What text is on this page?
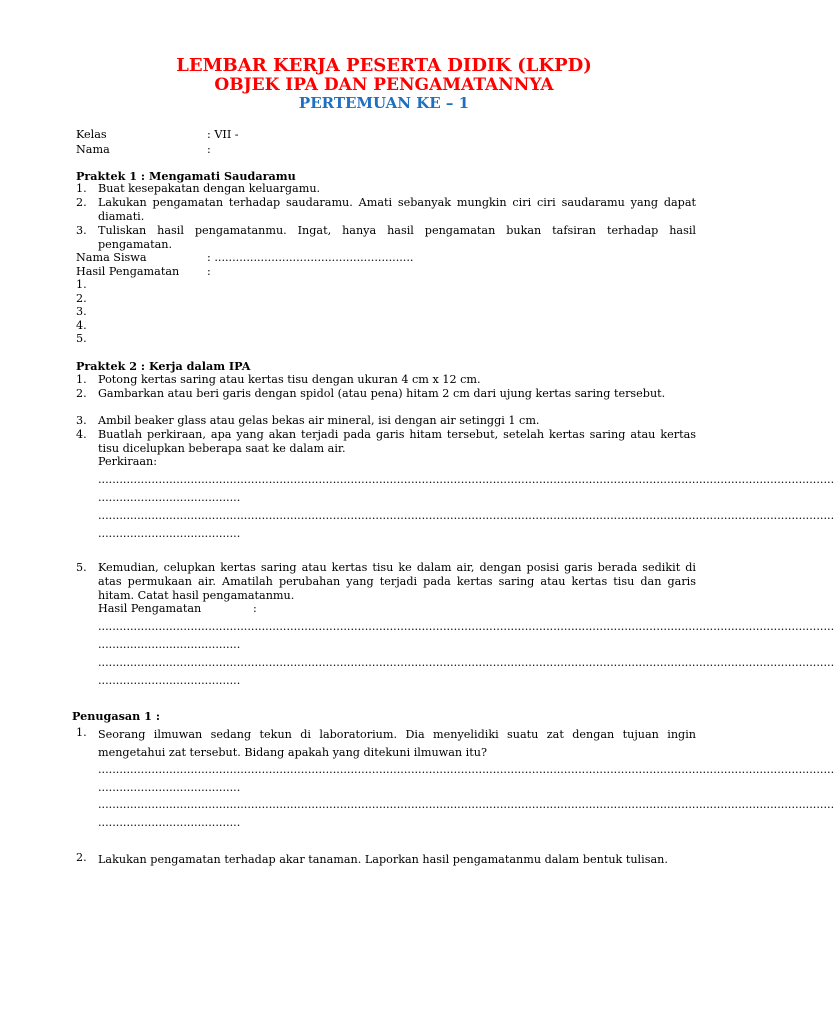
LEMBAR KERJA PESERTA DIDIK (LKPD)
OBJEK IPA DAN PENGAMATANNYA
PERTEMUAN KE – 1
Kelas	: VII -
Nama	:
Praktek 1 : Mengamati Saudaramu
1. Buat kesepakatan dengan keluargamu.
2. Lakukan pengamatan terhadap saudaramu. Amati sebanyak mungkin ciri ciri saudaramu yang dapat diamati.
3. Tuliskan hasil pengamatanmu. Ingat, hanya hasil pengamatan bukan tafsiran terhadap hasil pengamatan.
Nama Siswa	: ........................................................
Hasil Pengamatan :
1.
2.
3.
4.
5.
Praktek 2 : Kerja dalam IPA
1. Potong kertas saring atau kertas tisu dengan ukuran 4 cm x 12 cm.
2. Gambarkan atau beri garis dengan spidol (atau pena) hitam 2 cm dari ujung kertas saring tersebut.
3. Ambil beaker glass atau gelas bekas air mineral, isi dengan air setinggi 1 cm.
4. Buatlah perkiraan, apa yang akan terjadi pada garis hitam tersebut, setelah kertas saring atau kertas tisu dicelupkan beberapa saat ke dalam air.
Perkiraan:
...............................................................................................................................................................................................................
........................................
...............................................................................................................................................................................................................
........................................
5. Kemudian, celupkan kertas saring atau kertas tisu ke dalam air, dengan posisi garis berada sedikit di atas permukaan air. Amatilah perubahan yang terjadi pada kertas saring atau kertas tisu dan garis hitam. Catat hasil pengamatanmu.
Hasil Pengamatan	:
...............................................................................................................................................................................................................
........................................
...............................................................................................................................................................................................................
........................................
Penugasan 1 :
1. Seorang ilmuwan sedang tekun di laboratorium. Dia menyelidiki suatu zat dengan tujuan ingin mengetahui zat tersebut. Bidang apakah yang ditekuni ilmuwan itu?
...............................................................................................................................................................................................................
........................................
...............................................................................................................................................................................................................
........................................
2. Lakukan pengamatan terhadap akar tanaman. Laporkan hasil pengamatanmu dalam bentuk tulisan.
